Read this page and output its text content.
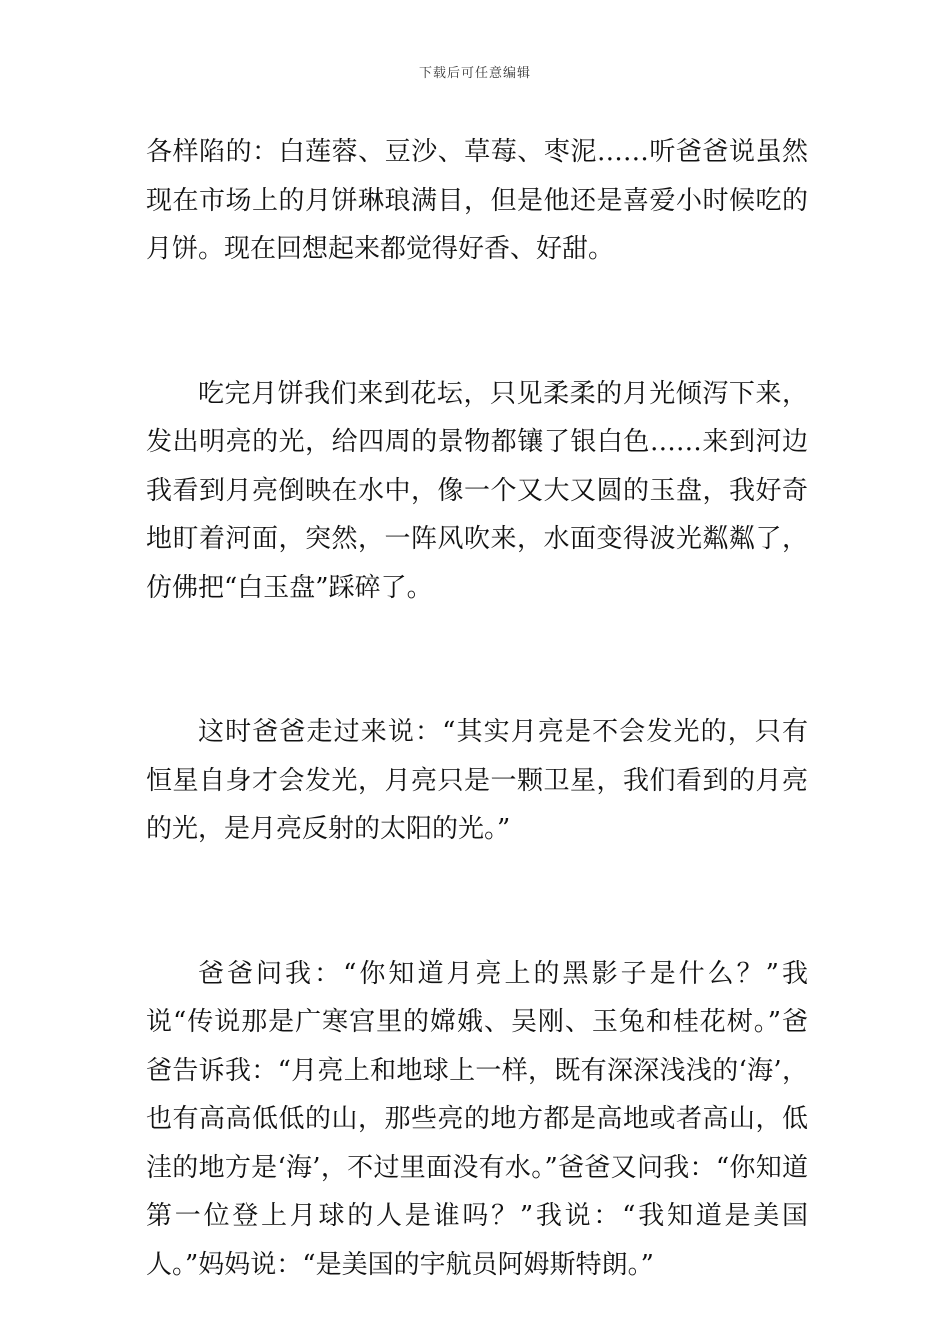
下载后可任意编辑

各样陷的：白莲蓉、豆沙、草莓、枣泥……听爸爸说虽然现在市场上的月饼琳琅满目，但是他还是喜爱小时候吃的月饼。现在回想起来都觉得好香、好甜。

吃完月饼我们来到花坛，只见柔柔的月光倾泻下来，发出明亮的光，给四周的景物都镶了银白色……来到河边我看到月亮倒映在水中，像一个又大又圆的玉盘，我好奇地盯着河面，突然，一阵风吹来，水面变得波光粼粼了，仿佛把“白玉盘”踩碎了。

这时爸爸走过来说：“其实月亮是不会发光的，只有恒星自身才会发光，月亮只是一颗卫星，我们看到的月亮的光，是月亮反射的太阳的光。”

爸爸问我：“你知道月亮上的黑影子是什么？”我说“传说那是广寒宫里的嫦娥、吴刚、玉兔和桂花树。”爸爸告诉我：“月亮上和地球上一样，既有深深浅浅的‘海’，也有高高低低的山，那些亮的地方都是高地或者高山，低洼的地方是‘海’，不过里面没有水。”爸爸又问我：“你知道第一位登上月球的人是谁吗？”我说：“我知道是美国人。”妈妈说：“是美国的宇航员阿姆斯特朗。”
